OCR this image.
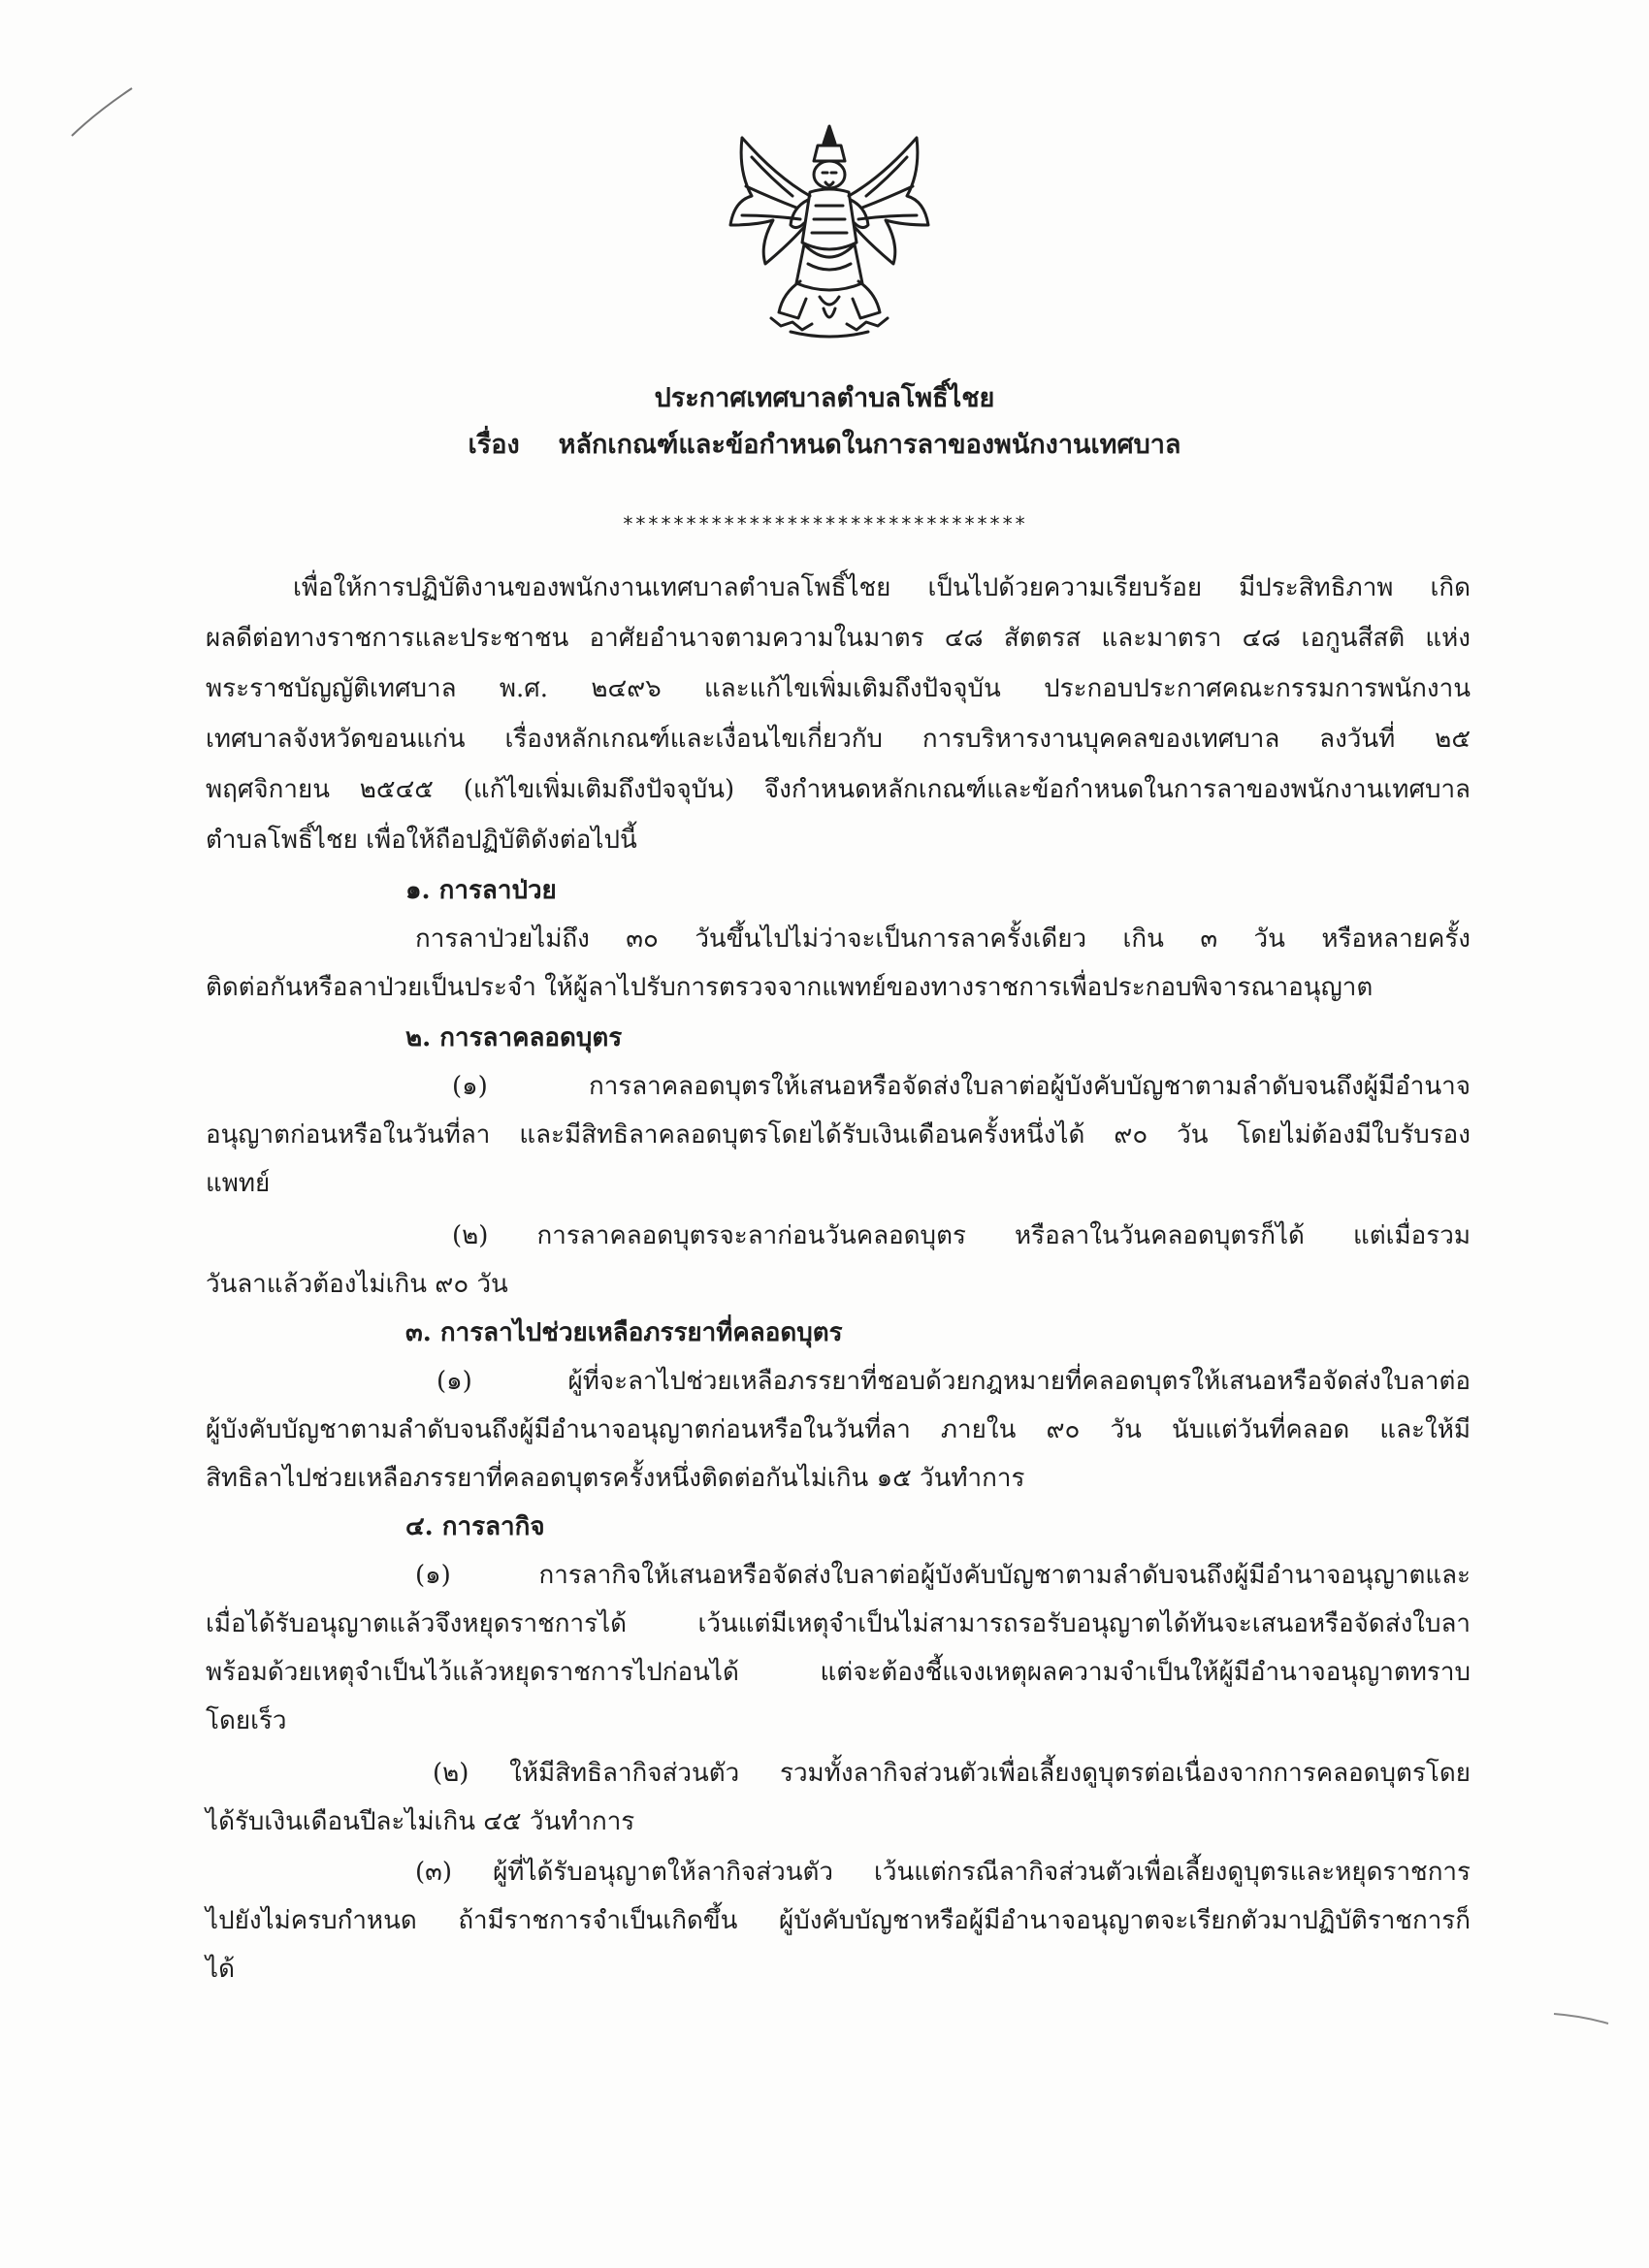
ประกาศเทศบาลตำบลโพธิ์ไชย
เรื่อง หลักเกณฑ์และข้อกำหนดในการลาของพนักงานเทศบาล
********************************
เพื่อให้การปฏิบัติงานของพนักงานเทศบาลตำบลโพธิ์ไชย เป็นไปด้วยความเรียบร้อย มีประสิทธิภาพ เกิด
ผลดีต่อทางราชการและประชาชน อาศัยอำนาจตามความในมาตร ๔๘ สัตตรส และมาตรา ๔๘ เอกูนสีสติ แห่ง
พระราชบัญญัติเทศบาล พ.ศ. ๒๔๙๖ และแก้ไขเพิ่มเติมถึงปัจจุบัน ประกอบประกาศคณะกรรมการพนักงาน
เทศบาลจังหวัดขอนแก่น เรื่องหลักเกณฑ์และเงื่อนไขเกี่ยวกับ การบริหารงานบุคคลของเทศบาล ลงวันที่ ๒๕
พฤศจิกายน ๒๕๔๕ (แก้ไขเพิ่มเติมถึงปัจจุบัน) จึงกำหนดหลักเกณฑ์และข้อกำหนดในการลาของพนักงานเทศบาล
ตำบลโพธิ์ไชย เพื่อให้ถือปฏิบัติดังต่อไปนี้
๑. การลาป่วย
การลาป่วยไม่ถึง ๓๐ วันขึ้นไปไม่ว่าจะเป็นการลาครั้งเดียว เกิน ๓ วัน หรือหลายครั้ง
ติดต่อกันหรือลาป่วยเป็นประจำ ให้ผู้ลาไปรับการตรวจจากแพทย์ของทางราชการเพื่อประกอบพิจารณาอนุญาต
๒. การลาคลอดบุตร
(๑) การลาคลอดบุตรให้เสนอหรือจัดส่งใบลาต่อผู้บังคับบัญชาตามลำดับจนถึงผู้มีอำนาจ
อนุญาตก่อนหรือในวันที่ลา และมีสิทธิลาคลอดบุตรโดยได้รับเงินเดือนครั้งหนึ่งได้ ๙๐ วัน โดยไม่ต้องมีใบรับรอง
แพทย์
(๒) การลาคลอดบุตรจะลาก่อนวันคลอดบุตร หรือลาในวันคลอดบุตรก็ได้ แต่เมื่อรวม
วันลาแล้วต้องไม่เกิน ๙๐ วัน
๓. การลาไปช่วยเหลือภรรยาที่คลอดบุตร
(๑) ผู้ที่จะลาไปช่วยเหลือภรรยาที่ชอบด้วยกฎหมายที่คลอดบุตรให้เสนอหรือจัดส่งใบลาต่อ
ผู้บังคับบัญชาตามลำดับจนถึงผู้มีอำนาจอนุญาตก่อนหรือในวันที่ลา ภายใน ๙๐ วัน นับแต่วันที่คลอด และให้มี
สิทธิลาไปช่วยเหลือภรรยาที่คลอดบุตรครั้งหนึ่งติดต่อกันไม่เกิน ๑๕ วันทำการ
๔. การลากิจ
(๑) การลากิจให้เสนอหรือจัดส่งใบลาต่อผู้บังคับบัญชาตามลำดับจนถึงผู้มีอำนาจอนุญาตและ
เมื่อได้รับอนุญาตแล้วจึงหยุดราชการได้ เว้นแต่มีเหตุจำเป็นไม่สามารถรอรับอนุญาตได้ทันจะเสนอหรือจัดส่งใบลา
พร้อมด้วยเหตุจำเป็นไว้แล้วหยุดราชการไปก่อนได้ แต่จะต้องชี้แจงเหตุผลความจำเป็นให้ผู้มีอำนาจอนุญาตทราบ
โดยเร็ว
(๒) ให้มีสิทธิลากิจส่วนตัว รวมทั้งลากิจส่วนตัวเพื่อเลี้ยงดูบุตรต่อเนื่องจากการคลอดบุตรโดย
ได้รับเงินเดือนปีละไม่เกิน ๔๕ วันทำการ
(๓) ผู้ที่ได้รับอนุญาตให้ลากิจส่วนตัว เว้นแต่กรณีลากิจส่วนตัวเพื่อเลี้ยงดูบุตรและหยุดราชการ
ไปยังไม่ครบกำหนด ถ้ามีราชการจำเป็นเกิดขึ้น ผู้บังคับบัญชาหรือผู้มีอำนาจอนุญาตจะเรียกตัวมาปฏิบัติราชการก็
ได้
